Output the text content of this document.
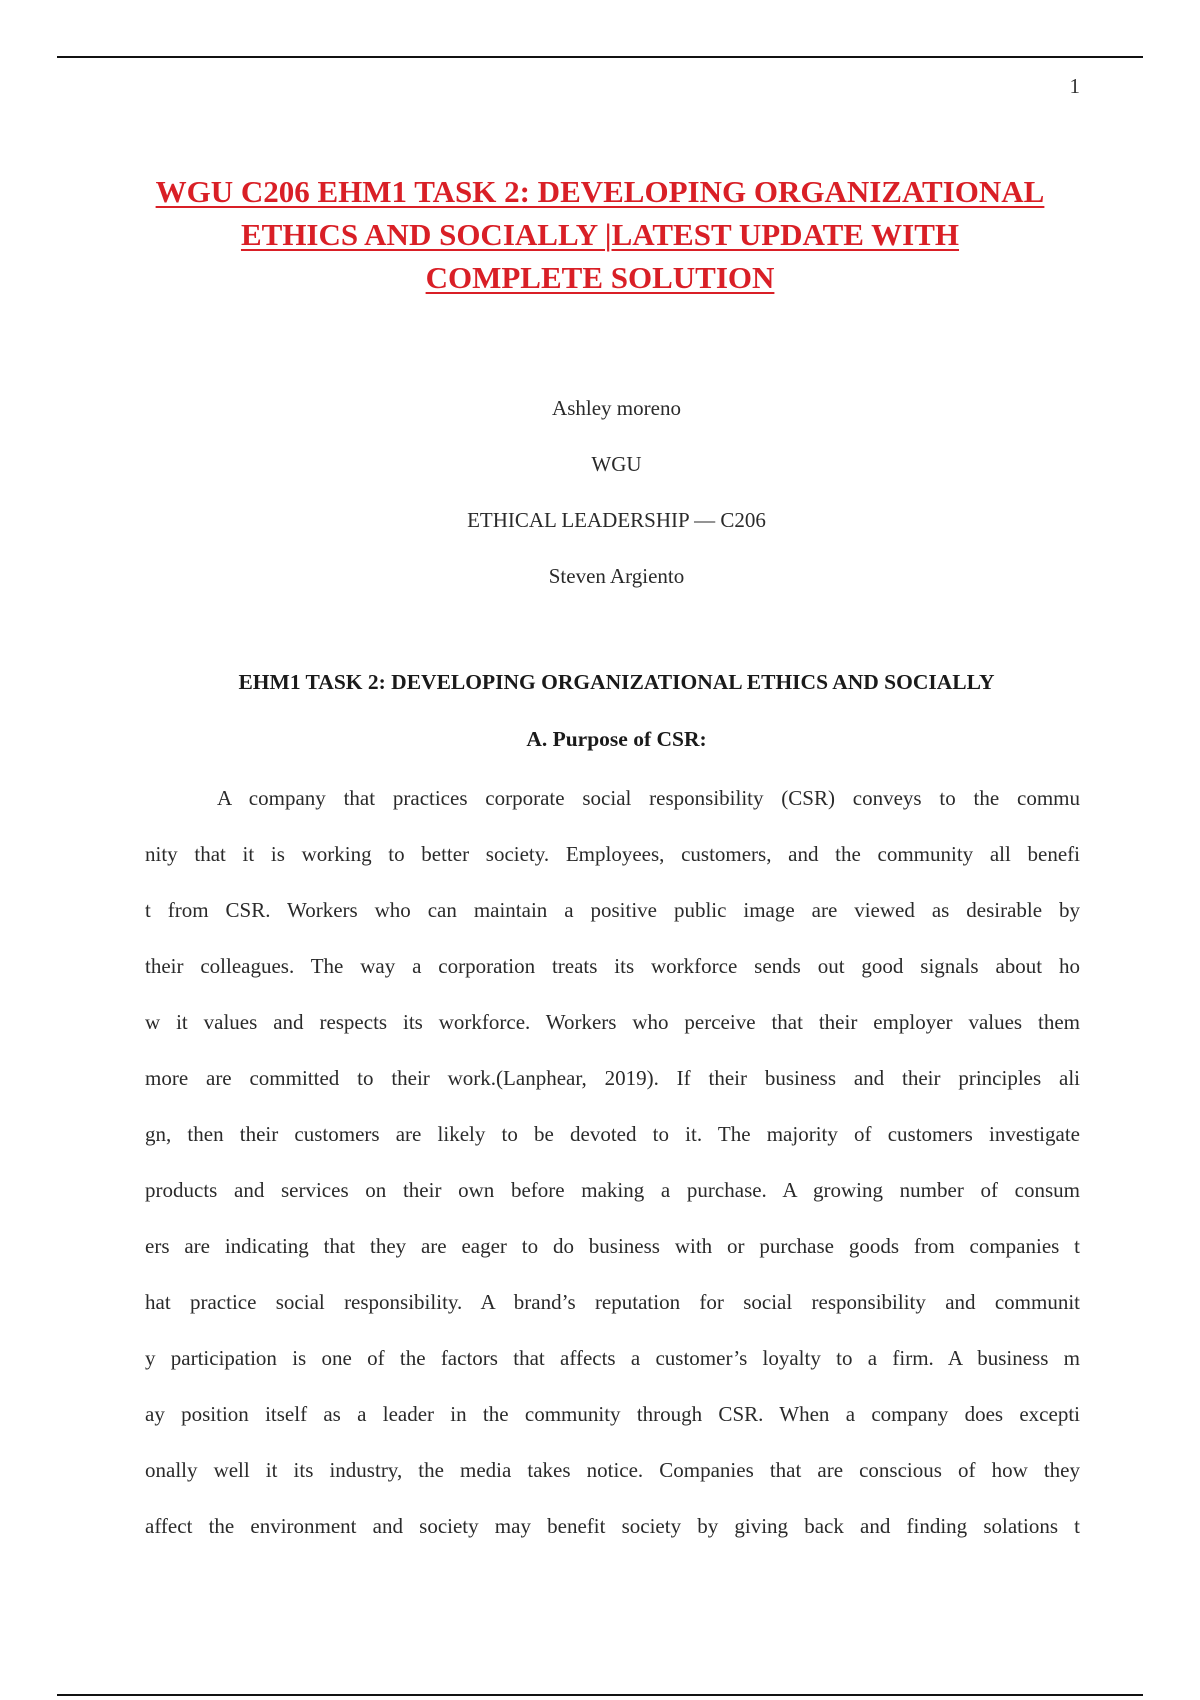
1
WGU C206 EHM1 TASK 2: DEVELOPING ORGANIZATIONAL
ETHICS AND SOCIALLY |LATEST UPDATE WITH
COMPLETE SOLUTION
Ashley moreno
WGU
ETHICAL LEADERSHIP — C206
Steven Argiento
EHM1 TASK 2: DEVELOPING ORGANIZATIONAL ETHICS AND SOCIALLY
A. Purpose of CSR:
A company that practices corporate social responsibility (CSR) conveys to the commu
nity that it is working to better society. Employees, customers, and the community all benefi
t from CSR. Workers who can maintain a positive public image are viewed as desirable by
their colleagues. The way a corporation treats its workforce sends out good signals about ho
w it values and respects its workforce. Workers who perceive that their employer values them
more are committed to their work.(Lanphear, 2019). If their business and their principles ali
gn, then their customers are likely to be devoted to it. The majority of customers investigate
products and services on their own before making a purchase. A growing number of consum
ers are indicating that they are eager to do business with or purchase goods from companies t
hat practice social responsibility. A brand’s reputation for social responsibility and communit
y participation is one of the factors that affects a customer’s loyalty to a firm. A business m
ay position itself as a leader in the community through CSR. When a company does excepti
onally well it its industry, the media takes notice. Companies that are conscious of how they
affect the environment and society may benefit society by giving back and finding solations t
